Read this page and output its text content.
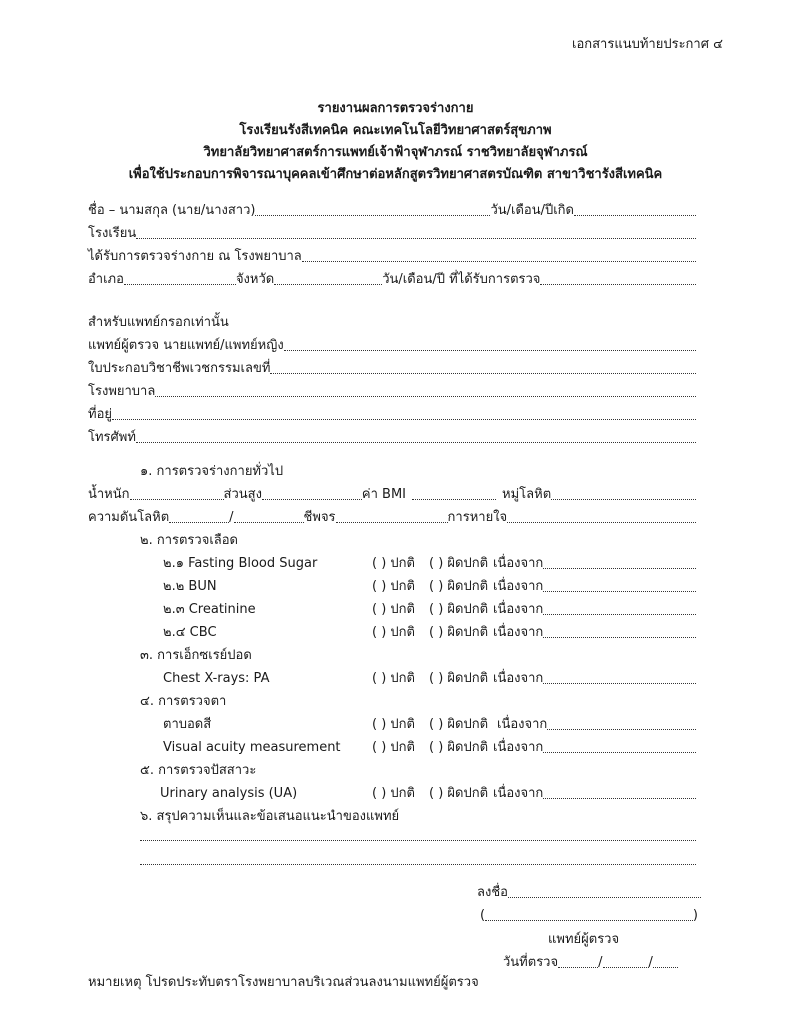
เอกสารแนบท้ายประกาศ ๔
รายงานผลการตรวจร่างกาย
โรงเรียนรังสีเทคนิค คณะเทคโนโลยีวิทยาศาสตร์สุขภาพ
วิทยาลัยวิทยาศาสตร์การแพทย์เจ้าฟ้าจุฬาภรณ์ ราชวิทยาลัยจุฬาภรณ์
เพื่อใช้ประกอบการพิจารณาบุคคลเข้าศึกษาต่อหลักสูตรวิทยาศาสตรบัณฑิต สาขาวิชารังสีเทคนิค
ชื่อ – นามสกุล (นาย/นางสาว)	วัน/เดือน/ปีเกิด
โรงเรียน
ได้รับการตรวจร่างกาย ณ โรงพยาบาล
อำเภอ	จังหวัด	วัน/เดือน/ปี ที่ได้รับการตรวจ
สำหรับแพทย์กรอกเท่านั้น
แพทย์ผู้ตรวจ นายแพทย์/แพทย์หญิง
ใบประกอบวิชาชีพเวชกรรมเลขที่
โรงพยาบาล
ที่อยู่
โทรศัพท์
๑. การตรวจร่างกายทั่วไป
น้ำหนัก	ส่วนสูง	ค่า BMI	หมู่โลหิต
ความดันโลหิต	/	ชีพจร	การหายใจ
๒. การตรวจเลือด
๒.๑ Fasting Blood Sugar	( ) ปกติ ( ) ผิดปกติ เนื่องจาก
๒.๒ BUN	( ) ปกติ ( ) ผิดปกติ เนื่องจาก
๒.๓ Creatinine	( ) ปกติ ( ) ผิดปกติ เนื่องจาก
๒.๔ CBC	( ) ปกติ ( ) ผิดปกติ เนื่องจาก
๓. การเอ็กซเรย์ปอด
Chest X-rays: PA	( ) ปกติ ( ) ผิดปกติ เนื่องจาก
๔. การตรวจตา
ตาบอดสี	( ) ปกติ ( ) ผิดปกติ เนื่องจาก
Visual acuity measurement ( ) ปกติ ( ) ผิดปกติ เนื่องจาก
๕. การตรวจปัสสาวะ
Urinary analysis (UA)	( ) ปกติ ( ) ผิดปกติ เนื่องจาก
๖. สรุปความเห็นและข้อเสนอแนะนำของแพทย์
ลงชื่อ
(	)
แพทย์ผู้ตรวจ
วันที่ตรวจ	/	/
หมายเหตุ โปรดประทับตราโรงพยาบาลบริเวณส่วนลงนามแพทย์ผู้ตรวจ
